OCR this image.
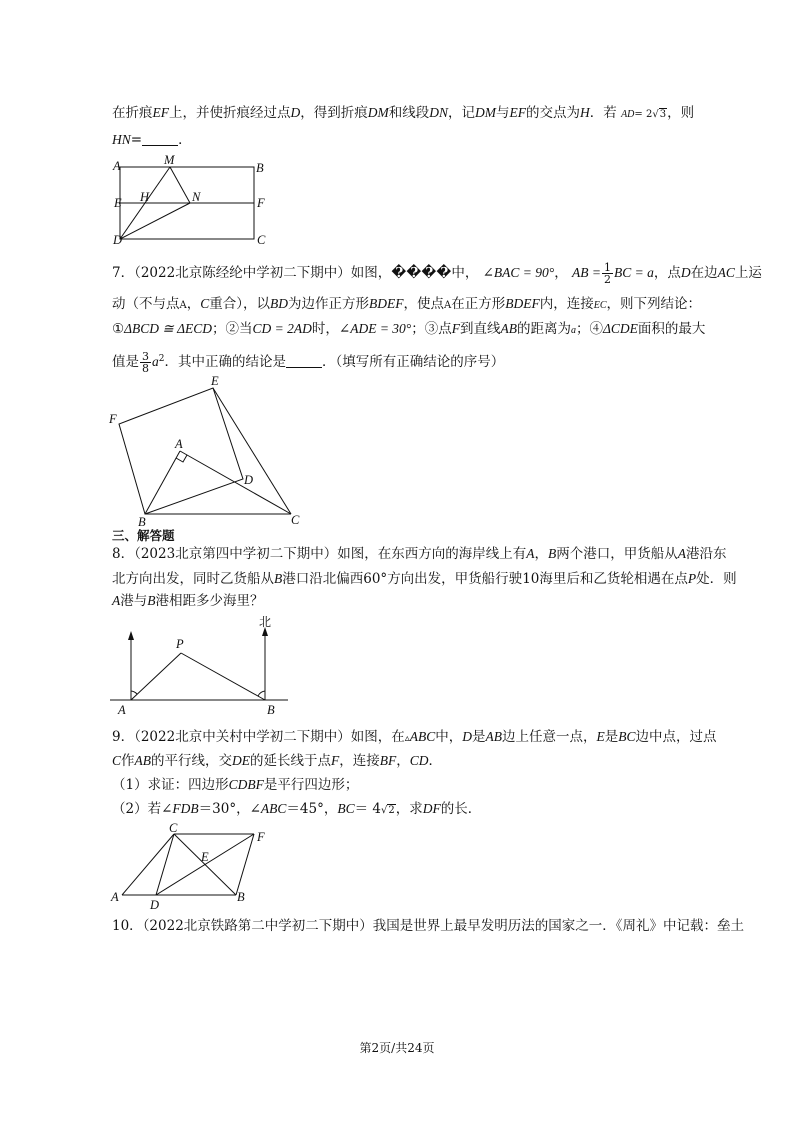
在折痕EF上，并使折痕经过点D，得到折痕DM和线段DN，记DM与EF的交点为H．若 AD= 2√3，则
HN=	．
A	M
B
H	N
E	F
D	C
7．（2022北京陈经纶中学初二下期中）如图，����中， ∠BAC = 90°， AB = $\frac{1}{2}$ BC = a，点D在边AC上运
动（不与点A，C重合），以BD为边作正方形BDEF，使点A在正方形BDEF内，连接EC，则下列结论：
①ΔBCD ≅ ΔECD；②当CD = 2AD时，∠ADE = 30°；③点F到直线AB的距离为a；④ΔCDE面积的最大
值是 $\frac{3}{8} a^2$．其中正确的结论是	．（填写所有正确结论的序号）
E
F
A
D
B	C
三、解答题
8．（2023北京第四中学初二下期中）如图，在东西方向的海岸线上有A，B两个港口，甲货船从A港沿东
北方向出发，同时乙货船从B港口沿北偏西60°方向出发，甲货船行驶10海里后和乙货轮相遇在点P处．则
A港与B港相距多少海里？
北
P
A	B
9．（2022北京中关村中学初二下期中）如图，在▵ABC中，D是AB边上任意一点，E是BC边中点，过点
C作AB的平行线，交DE的延长线于点F，连接BF，CD．
（1）求证：四边形CDBF是平行四边形；
（2）若∠FDB＝30°，∠ABC＝45°，BC＝ 4√2，求DF的长．
C
F
E
A
D
B
10．（2022北京铁路第二中学初二下期中）我国是世界上最早发明历法的国家之一．《周礼》中记载：垒土
第2页/共24页
